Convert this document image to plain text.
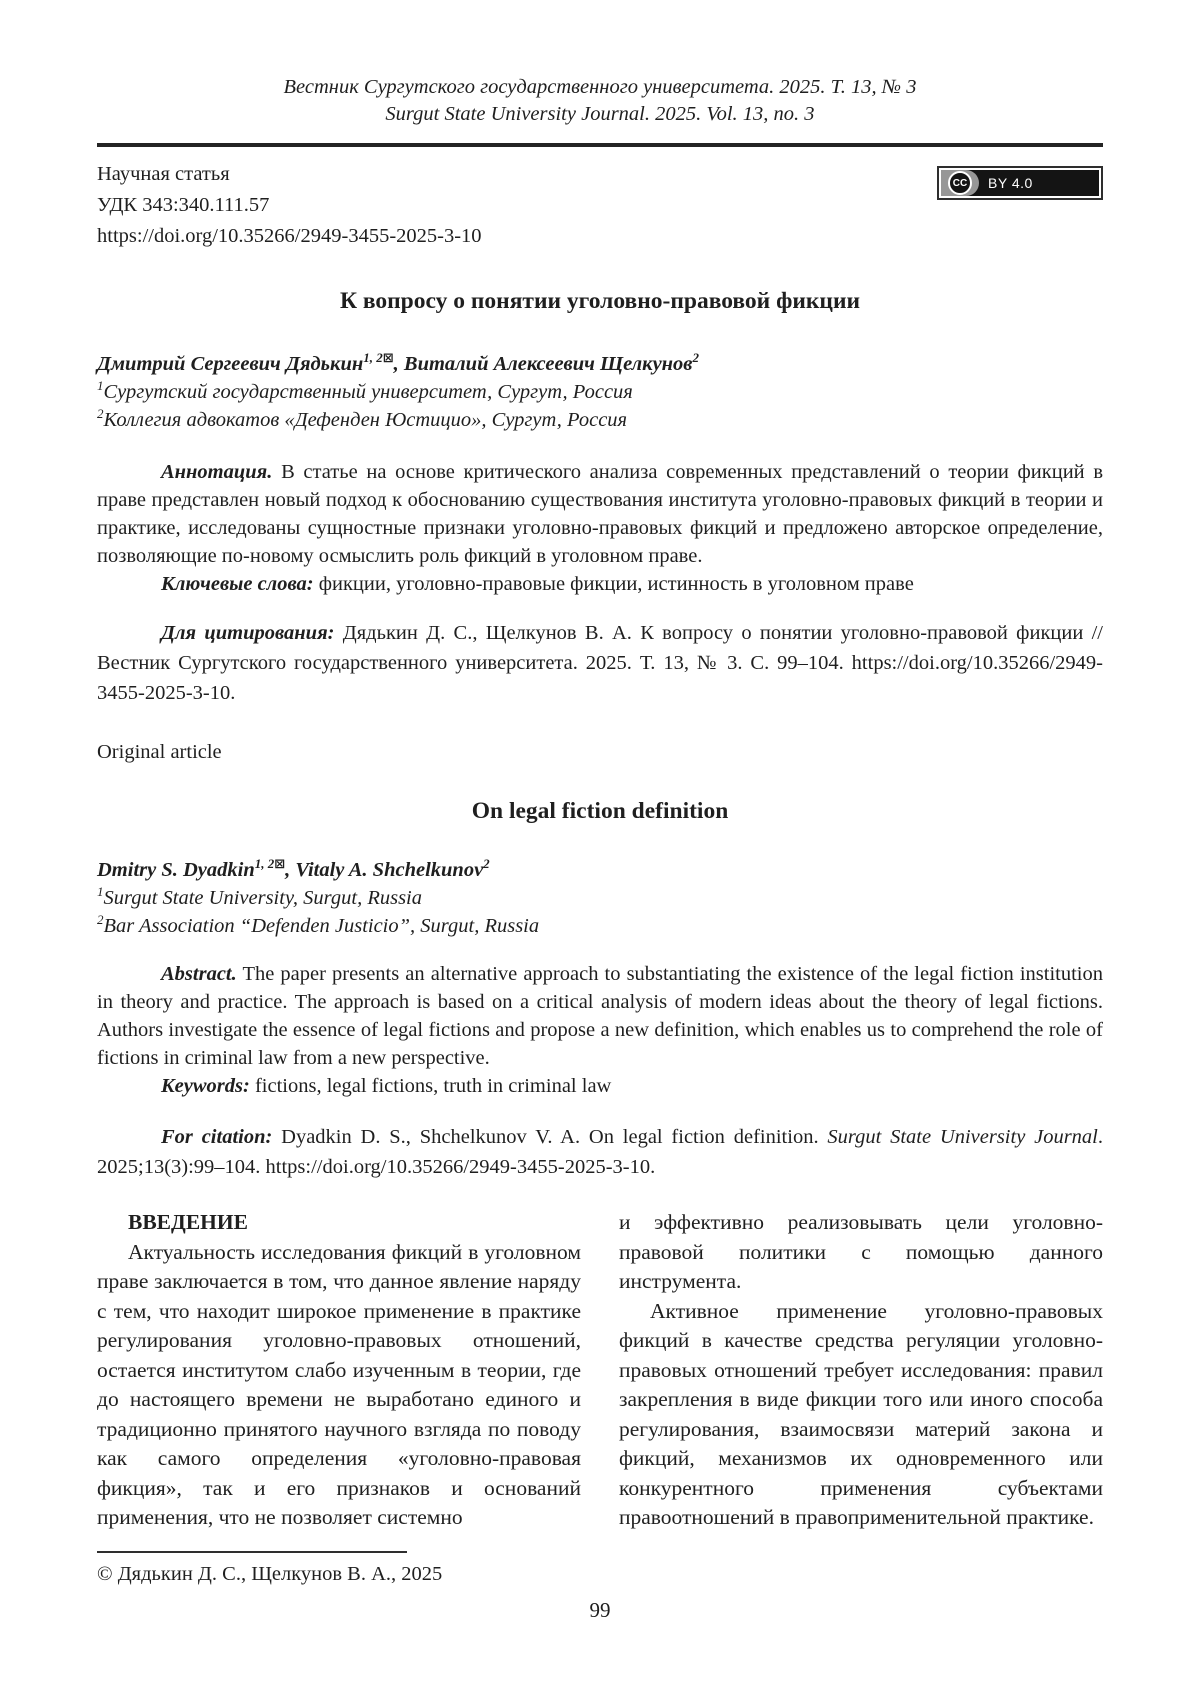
Вестник Сургутского государственного университета. 2025. Т. 13, № 3

Surgut State University Journal. 2025. Vol. 13, no. 3

Научная статья

УДК 343:340.111.57

https://doi.org/10.35266/2949-3455-2025-3-10

CC	BY 4.0
К вопросу о понятии уголовно-правовой фикции

Дмитрий Сергеевич Дядькин$^{1, 2⊠}$, Виталий Алексеевич Щелкунов$^2$

$^1$Сургутский государственный университет, Сургут, Россия

$^2$Коллегия адвокатов «Дефенден Юстицио», Сургут, Россия

Аннотация. В статье на основе критического анализа современных представлений о теории фикций в праве представлен новый подход к обоснованию существования института уголовно-правовых фикций в теории и практике, исследованы сущностные признаки уголовно-правовых фикций и предложено авторское определение, позволяющие по-новому осмыслить роль фикций в уголовном праве.

Ключевые слова: фикции, уголовно-правовые фикции, истинность в уголовном праве

Для цитирования: Дядькин Д. С., Щелкунов В. А. К вопросу о понятии уголовно-правовой фикции // Вестник Сургутского государственного университета. 2025. Т. 13, № 3. С. 99–104. https://doi.org/10.35266/2949-3455-2025-3-10.

Original article

On legal fiction definition

Dmitry S. Dyadkin$^{1, 2⊠}$, Vitaly A. Shchelkunov$^2$

$^1$Surgut State University, Surgut, Russia

$^2$Bar Association “Defenden Justicio”, Surgut, Russia

Abstract. The paper presents an alternative approach to substantiating the existence of the legal fiction institution in theory and practice. The approach is based on a critical analysis of modern ideas about the theory of legal fictions. Authors investigate the essence of legal fictions and propose a new definition, which enables us to comprehend the role of fictions in criminal law from a new perspective.

Keywords: fictions, legal fictions, truth in criminal law

For citation: Dyadkin D. S., Shchelkunov V. A. On legal fiction definition. Surgut State University Journal. 2025;13(3):99–104. https://doi.org/10.35266/2949-3455-2025-3-10.

ВВЕДЕНИЕ

Актуальность исследования фикций в уголовном праве заключается в том, что данное явление наряду с тем, что находит широкое применение в практике регулирования уголовно-правовых отношений, остается институтом слабо изученным в теории, где до настоящего времени не выработано единого и традиционно принятого научного взгляда по поводу как самого определения «уголовно-правовая фикция», так и его признаков и оснований применения, что не позволяет системно

и эффективно реализовывать цели уголовно-правовой политики с помощью данного инструмента.

Активное применение уголовно-правовых фикций в качестве средства регуляции уголовно-правовых отношений требует исследования: правил закрепления в виде фикции того или иного способа регулирования, взаимосвязи материй закона и фикций, механизмов их одновременного или конкурентного применения субъектами правоотношений в правоприменительной практике.

© Дядькин Д. С., Щелкунов В. А., 2025

99
